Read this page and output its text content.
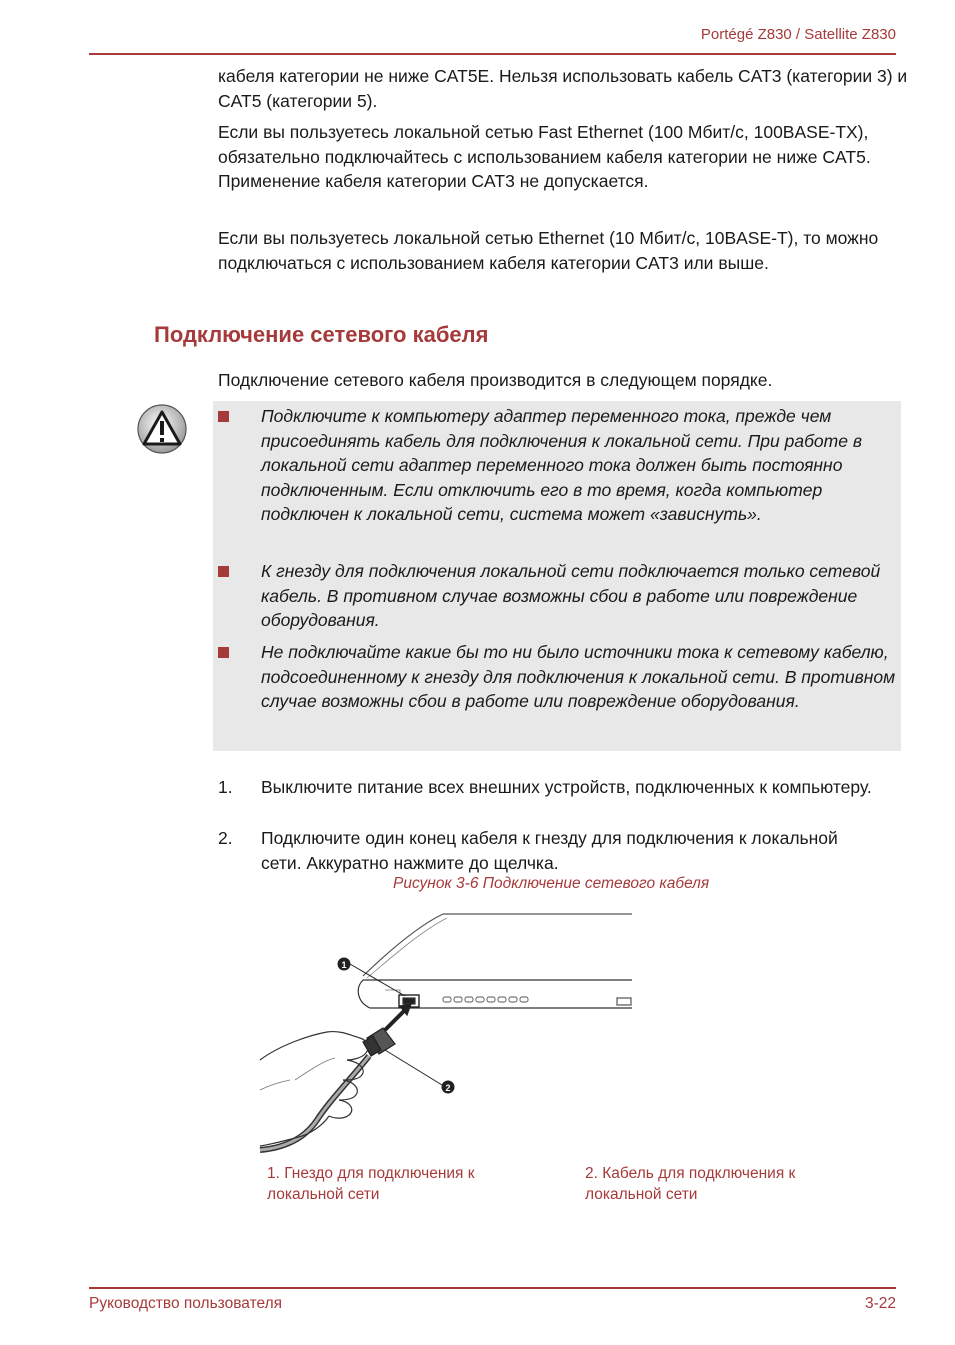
Portégé Z830 / Satellite Z830

кабеля категории не ниже CAT5E. Нельзя использовать кабель CAT3 (категории 3) и CAT5 (категории 5).

Если вы пользуетесь локальной сетью Fast Ethernet (100 Мбит/с, 100BASE-TX), обязательно подключайтесь с использованием кабеля категории не ниже CAT5. Применение кабеля категории CAT3 не допускается.

Если вы пользуетесь локальной сетью Ethernet (10 Мбит/с, 10BASE-T), то можно подключаться с использованием кабеля категории CAT3 или выше.

Подключение сетевого кабеля

Подключение сетевого кабеля производится в следующем порядке.

Подключите к компьютеру адаптер переменного тока, прежде чем присоединять кабель для подключения к локальной сети. При работе в локальной сети адаптер переменного тока должен быть постоянно подключенным. Если отключить его в то время, когда компьютер подключен к локальной сети, система может «зависнуть».

К гнезду для подключения локальной сети подключается только сетевой кабель. В противном случае возможны сбои в работе или повреждение оборудования.

Не подключайте какие бы то ни было источники тока к сетевому кабелю, подсоединенному к гнезду для подключения к локальной сети. В противном случае возможны сбои в работе или повреждение оборудования.

1. Выключите питание всех внешних устройств, подключенных к компьютеру.
2. Подключите один конец кабеля к гнезду для подключения к локальной сети. Аккуратно нажмите до щелчка.
Рисунок 3-6 Подключение сетевого кабеля
1
2
1. Гнездо для подключения к локальной сети
2. Кабель для подключения к локальной сети
Руководство пользователя	3-22
